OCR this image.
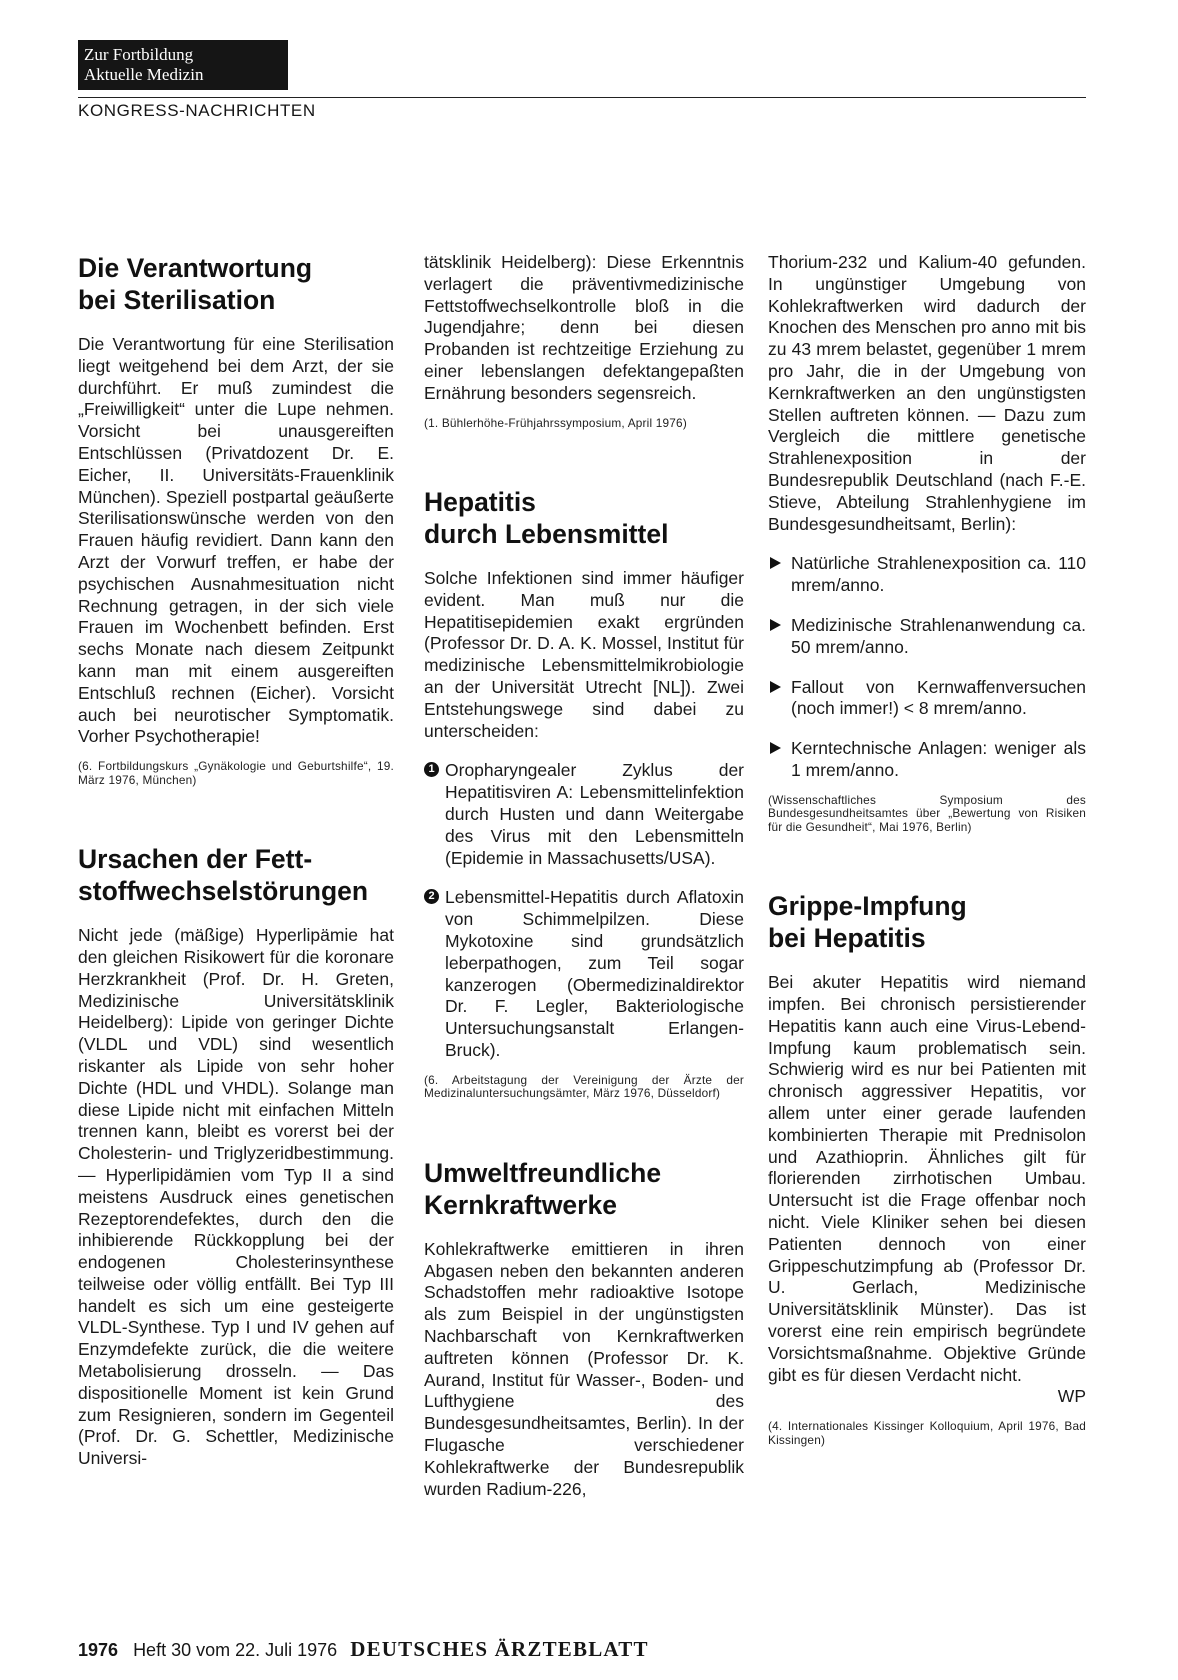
Zur Fortbildung
Aktuelle Medizin
KONGRESS-NACHRICHTEN
Die Verantwortung
bei Sterilisation

Die Verantwortung für eine Sterilisation liegt weitgehend bei dem Arzt, der sie durchführt. Er muß zumindest die „Freiwilligkeit“ unter die Lupe nehmen. Vorsicht bei unausgereiften Entschlüssen (Privatdozent Dr. E. Eicher, II. Universitäts-Frauenklinik München). Speziell postpartal geäußerte Sterilisationswünsche werden von den Frauen häufig revidiert. Dann kann den Arzt der Vorwurf treffen, er habe der psychischen Ausnahmesituation nicht Rechnung getragen, in der sich viele Frauen im Wochenbett befinden. Erst sechs Monate nach diesem Zeitpunkt kann man mit einem ausgereiften Entschluß rechnen (Eicher). Vorsicht auch bei neurotischer Symptomatik. Vorher Psychotherapie!

(6. Fortbildungskurs „Gynäkologie und Geburtshilfe“, 19. März 1976, München)

Ursachen der Fett-
stoffwechselstörungen

Nicht jede (mäßige) Hyperlipämie hat den gleichen Risikowert für die koronare Herzkrankheit (Prof. Dr. H. Greten, Medizinische Universitätsklinik Heidelberg): Lipide von geringer Dichte (VLDL und VDL) sind wesentlich riskanter als Lipide von sehr hoher Dichte (HDL und VHDL). Solange man diese Lipide nicht mit einfachen Mitteln trennen kann, bleibt es vorerst bei der Cholesterin- und Triglyzeridbestimmung. — Hyperlipidämien vom Typ II a sind meistens Ausdruck eines genetischen Rezeptorendefektes, durch den die inhibierende Rückkopplung bei der endogenen Cholesterinsynthese teilweise oder völlig entfällt. Bei Typ III handelt es sich um eine gesteigerte VLDL-Synthese. Typ I und IV gehen auf Enzymdefekte zurück, die die weitere Metabolisierung drosseln. — Das dispositionelle Moment ist kein Grund zum Resignieren, sondern im Gegenteil (Prof. Dr. G. Schettler, Medizinische Universi-

tätsklinik Heidelberg): Diese Erkenntnis verlagert die präventivmedizinische Fettstoffwechselkontrolle bloß in die Jugendjahre; denn bei diesen Probanden ist rechtzeitige Erziehung zu einer lebenslangen defektangepaßten Ernährung besonders segensreich.

(1. Bühlerhöhe-Frühjahrssymposium, April 1976)

Hepatitis
durch Lebensmittel

Solche Infektionen sind immer häufiger evident. Man muß nur die Hepatitisepidemien exakt ergründen (Professor Dr. D. A. K. Mossel, Institut für medizinische Lebensmittelmikrobiologie an der Universität Utrecht [NL]). Zwei Entstehungswege sind dabei zu unterscheiden:

1 Oropharyngealer Zyklus der Hepatitisviren A: Lebensmittelinfektion durch Husten und dann Weitergabe des Virus mit den Lebensmitteln (Epidemie in Massachusetts/USA).
2 Lebensmittel-Hepatitis durch Aflatoxin von Schimmelpilzen. Diese Mykotoxine sind grundsätzlich leberpathogen, zum Teil sogar kanzerogen (Obermedizinaldirektor Dr. F. Legler, Bakteriologische Untersuchungsanstalt Erlangen-Bruck).

(6. Arbeitstagung der Vereinigung der Ärzte der Medizinaluntersuchungsämter, März 1976, Düsseldorf)

Umweltfreundliche
Kernkraftwerke

Kohlekraftwerke emittieren in ihren Abgasen neben den bekannten anderen Schadstoffen mehr radioaktive Isotope als zum Beispiel in der ungünstigsten Nachbarschaft von Kernkraftwerken auftreten können (Professor Dr. K. Aurand, Institut für Wasser-, Boden- und Lufthygiene des Bundesgesundheitsamtes, Berlin). In der Flugasche verschiedener Kohlekraftwerke der Bundesrepublik wurden Radium-226,

Thorium-232 und Kalium-40 gefunden. In ungünstiger Umgebung von Kohlekraftwerken wird dadurch der Knochen des Menschen pro anno mit bis zu 43 mrem belastet, gegenüber 1 mrem pro Jahr, die in der Umgebung von Kernkraftwerken an den ungünstigsten Stellen auftreten können. — Dazu zum Vergleich die mittlere genetische Strahlenexposition in der Bundesrepublik Deutschland (nach F.-E. Stieve, Abteilung Strahlenhygiene im Bundesgesundheitsamt, Berlin):

Natürliche Strahlenexposition ca. 110 mrem/anno.
Medizinische Strahlenanwendung ca. 50 mrem/anno.
Fallout von Kernwaffenversuchen (noch immer!) < 8 mrem/anno.
Kerntechnische Anlagen: weniger als 1 mrem/anno.

(Wissenschaftliches Symposium des Bundesgesundheitsamtes über „Bewertung von Risiken für die Gesundheit“, Mai 1976, Berlin)

Grippe-Impfung
bei Hepatitis

Bei akuter Hepatitis wird niemand impfen. Bei chronisch persistierender Hepatitis kann auch eine Virus-Lebend-Impfung kaum problematisch sein. Schwierig wird es nur bei Patienten mit chronisch aggressiver Hepatitis, vor allem unter einer gerade laufenden kombinierten Therapie mit Prednisolon und Azathioprin. Ähnliches gilt für florierenden zirrhotischen Umbau. Untersucht ist die Frage offenbar noch nicht. Viele Kliniker sehen bei diesen Patienten dennoch von einer Grippeschutzimpfung ab (Professor Dr. U. Gerlach, Medizinische Universitätsklinik Münster). Das ist vorerst eine rein empirisch begründete Vorsichtsmaßnahme. Objektive Gründe gibt es für diesen Verdacht nicht.

WP

(4. Internationales Kissinger Kolloquium, April 1976, Bad Kissingen)

1976 Heft 30 vom 22. Juli 1976 DEUTSCHES ÄRZTEBLATT
